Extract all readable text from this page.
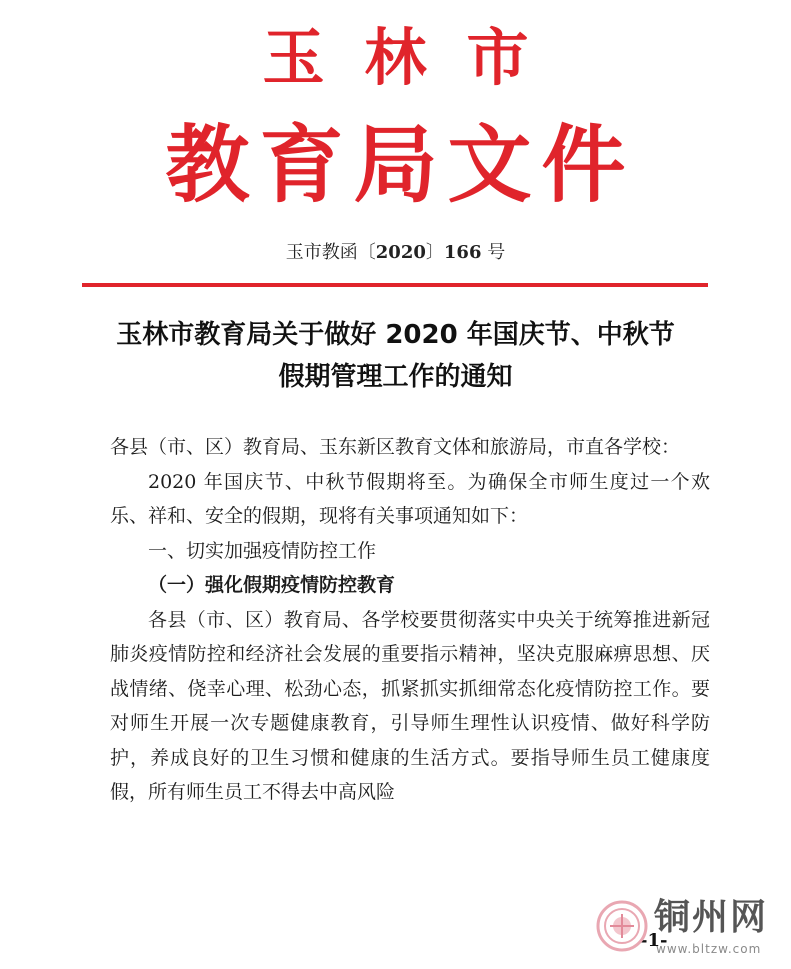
玉林市
教育局文件
玉市教函〔2020〕166 号
玉林市教育局关于做好 2020 年国庆节、中秋节
假期管理工作的通知

各县（市、区）教育局、玉东新区教育文体和旅游局，市直各学校：

2020 年国庆节、中秋节假期将至。为确保全市师生度过一个欢乐、祥和、安全的假期，现将有关事项通知如下：

一、切实加强疫情防控工作

（一）强化假期疫情防控教育

各县（市、区）教育局、各学校要贯彻落实中央关于统筹推进新冠肺炎疫情防控和经济社会发展的重要指示精神，坚决克服麻痹思想、厌战情绪、侥幸心理、松劲心态，抓紧抓实抓细常态化疫情防控工作。要对师生开展一次专题健康教育，引导师生理性认识疫情、做好科学防护，养成良好的卫生习惯和健康的生活方式。要指导师生员工健康度假，所有师生员工不得去中高风险

-1-
铜州网
www.bltzw.com
